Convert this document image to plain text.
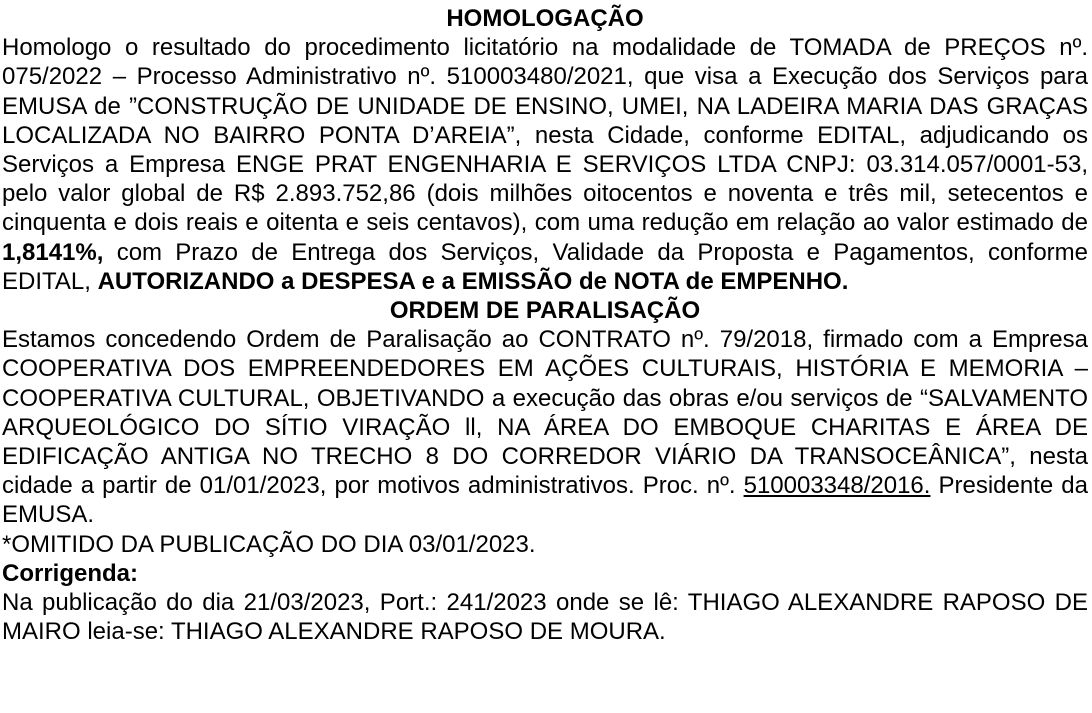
HOMOLOGAÇÃO

Homologo o resultado do procedimento licitatório na modalidade de TOMADA de PREÇOS nº. 075/2022 – Processo Administrativo nº. 510003480/2021, que visa a Execução dos Serviços para EMUSA de ”CONSTRUÇÃO DE UNIDADE DE ENSINO, UMEI, NA LADEIRA MARIA DAS GRAÇAS LOCALIZADA NO BAIRRO PONTA D’AREIA”, nesta Cidade, conforme EDITAL, adjudicando os Serviços a Empresa ENGE PRAT ENGENHARIA E SERVIÇOS LTDA CNPJ: 03.314.057/0001-53, pelo valor global de R$ 2.893.752,86 (dois milhões oitocentos e noventa e três mil, setecentos e cinquenta e dois reais e oitenta e seis centavos), com uma redução em relação ao valor estimado de 1,8141%, com Prazo de Entrega dos Serviços, Validade da Proposta e Pagamentos, conforme EDITAL, AUTORIZANDO a DESPESA e a EMISSÃO de NOTA de EMPENHO.

ORDEM DE PARALISAÇÃO

Estamos concedendo Ordem de Paralisação ao CONTRATO nº. 79/2018, firmado com a Empresa COOPERATIVA DOS EMPREENDEDORES EM AÇÕES CULTURAIS, HISTÓRIA E MEMORIA – COOPERATIVA CULTURAL, OBJETIVANDO a execução das obras e/ou serviços de “SALVAMENTO ARQUEOLÓGICO DO SÍTIO VIRAÇÃO ll, NA ÁREA DO EMBOQUE CHARITAS E ÁREA DE EDIFICAÇÃO ANTIGA NO TRECHO 8 DO CORREDOR VIÁRIO DA TRANSOCEÂNICA”, nesta cidade a partir de 01/01/2023, por motivos administrativos. Proc. nº. 510003348/2016. Presidente da EMUSA.

*OMITIDO DA PUBLICAÇÃO DO DIA 03/01/2023.

Corrigenda:

Na publicação do dia 21/03/2023, Port.: 241/2023 onde se lê: THIAGO ALEXANDRE RAPOSO DE MAIRO leia-se: THIAGO ALEXANDRE RAPOSO DE MOURA.
